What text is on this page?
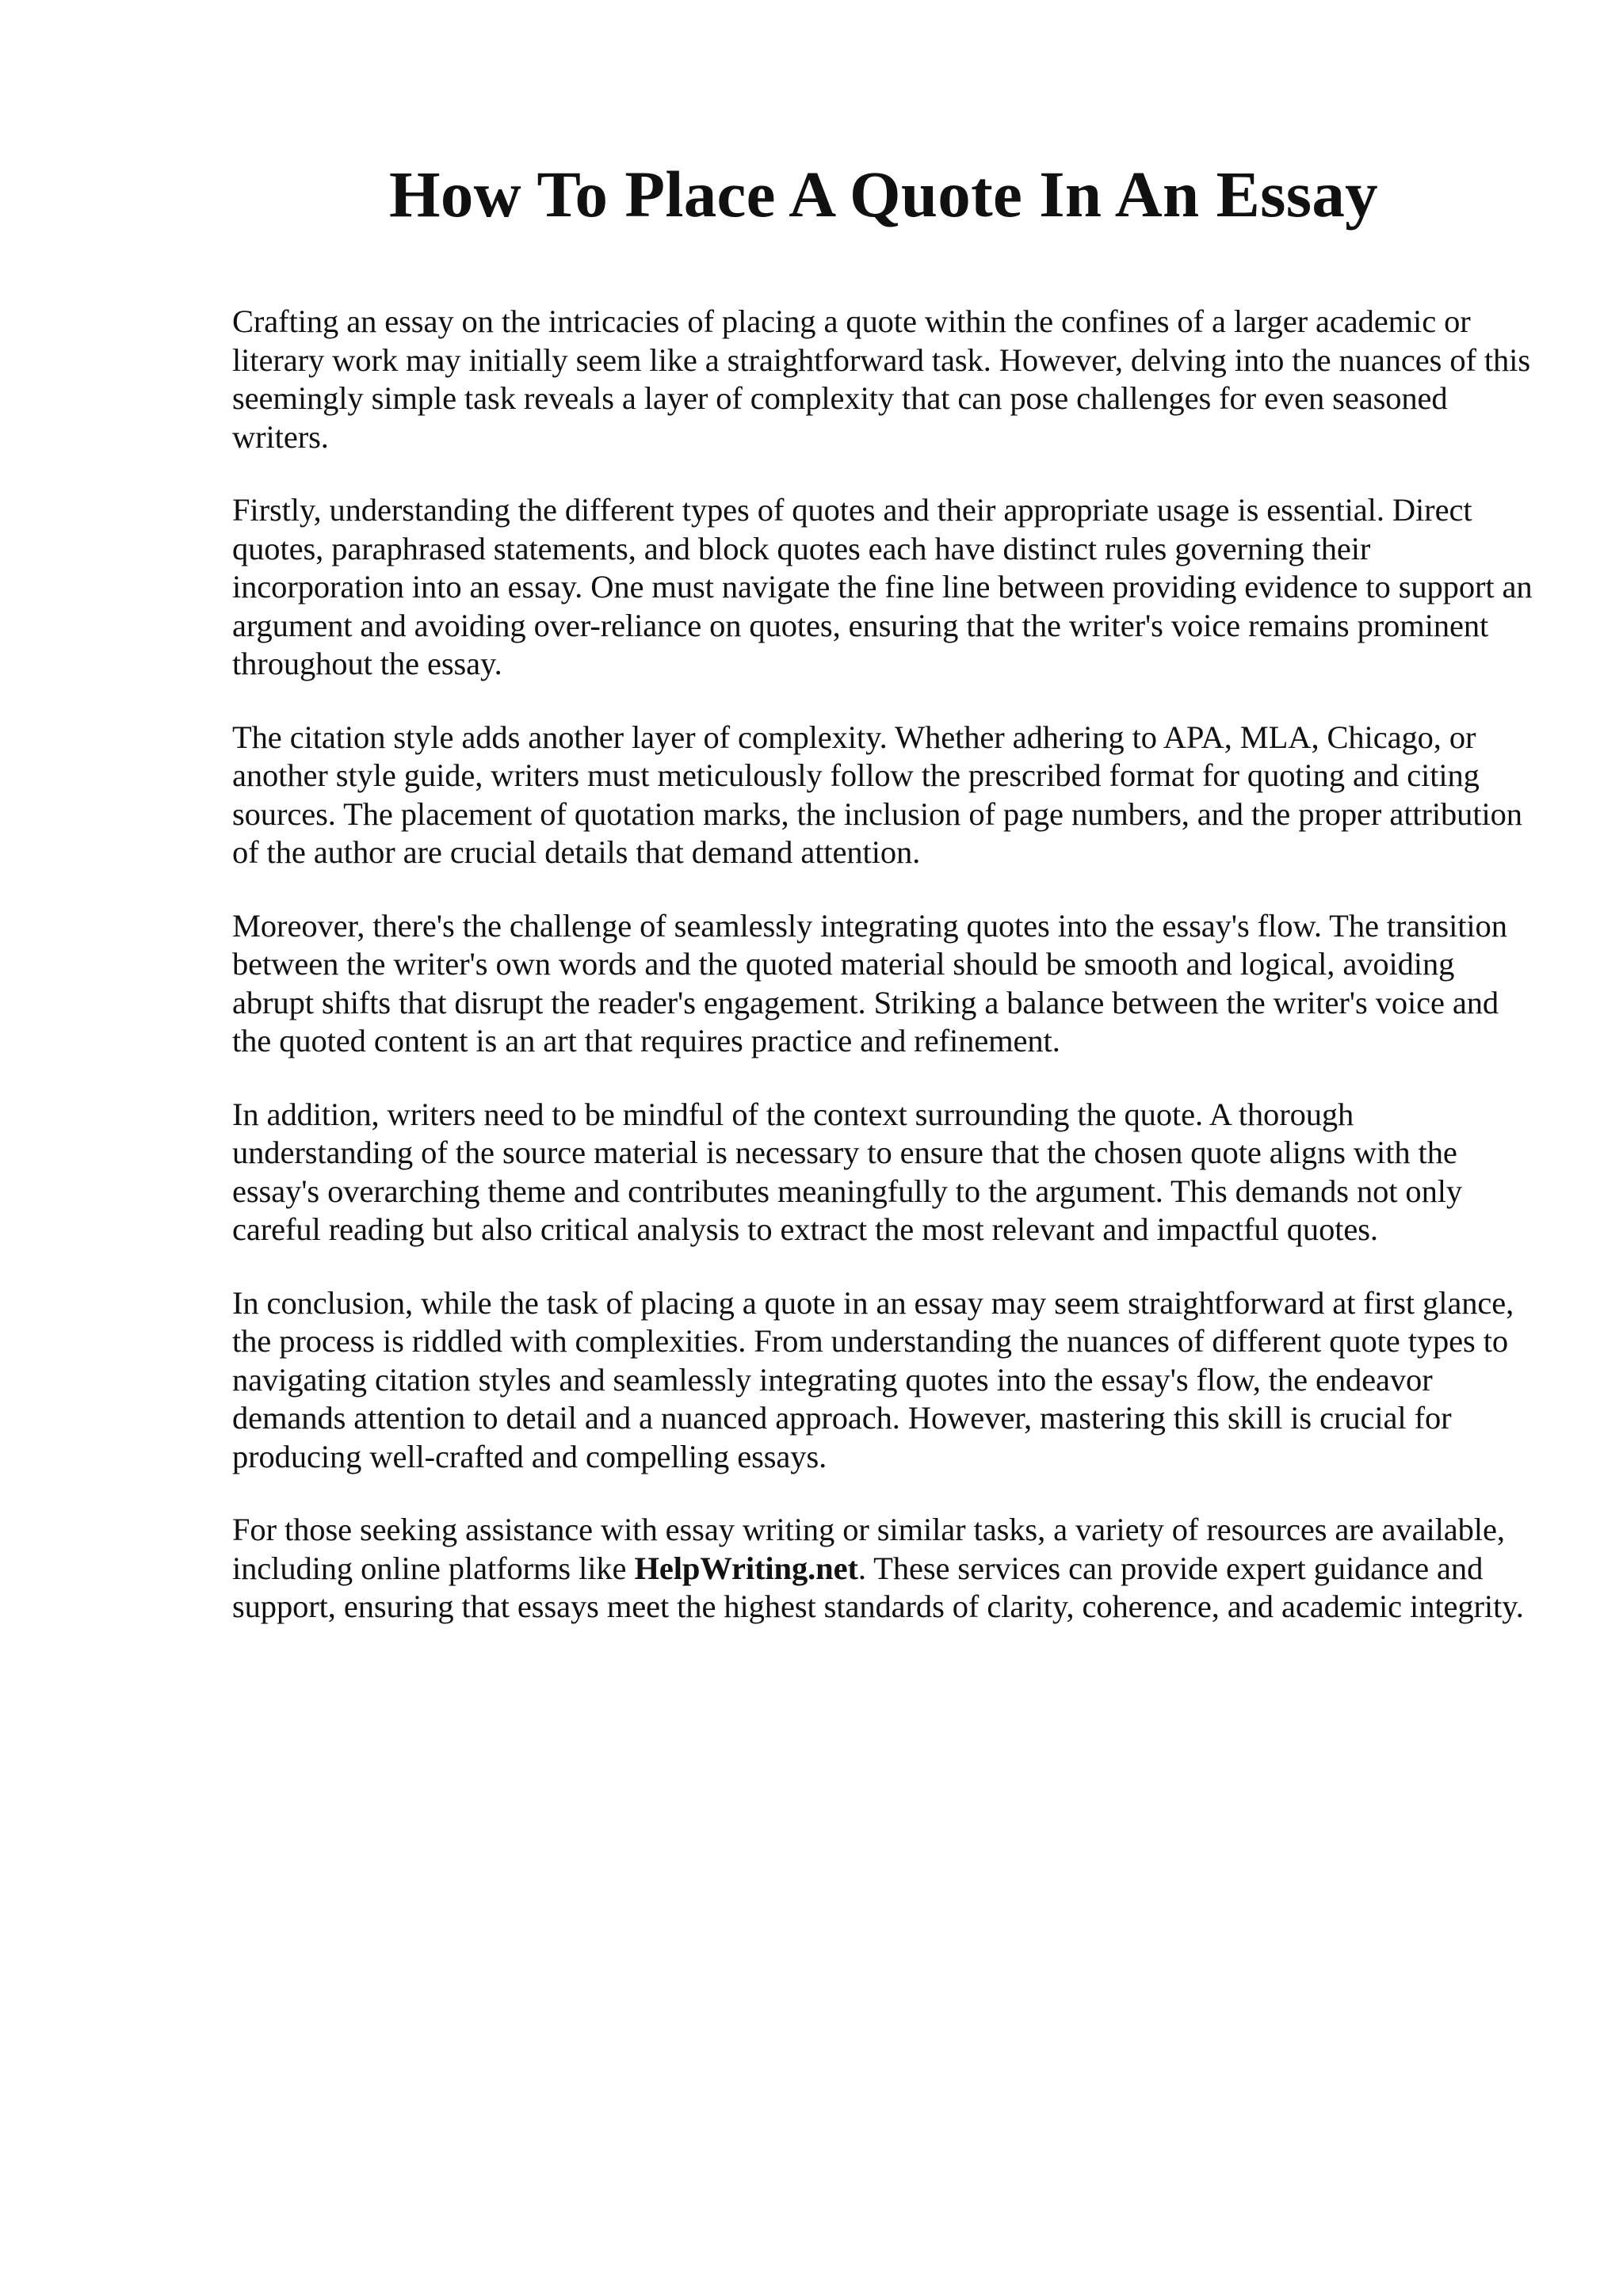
How To Place A Quote In An Essay

Crafting an essay on the intricacies of placing a quote within the confines of a larger academic or literary work may initially seem like a straightforward task. However, delving into the nuances of this seemingly simple task reveals a layer of complexity that can pose challenges for even seasoned writers.

Firstly, understanding the different types of quotes and their appropriate usage is essential. Direct quotes, paraphrased statements, and block quotes each have distinct rules governing their incorporation into an essay. One must navigate the fine line between providing evidence to support an argument and avoiding over-reliance on quotes, ensuring that the writer's voice remains prominent throughout the essay.

The citation style adds another layer of complexity. Whether adhering to APA, MLA, Chicago, or another style guide, writers must meticulously follow the prescribed format for quoting and citing sources. The placement of quotation marks, the inclusion of page numbers, and the proper attribution of the author are crucial details that demand attention.

Moreover, there's the challenge of seamlessly integrating quotes into the essay's flow. The transition between the writer's own words and the quoted material should be smooth and logical, avoiding abrupt shifts that disrupt the reader's engagement. Striking a balance between the writer's voice and the quoted content is an art that requires practice and refinement.

In addition, writers need to be mindful of the context surrounding the quote. A thorough understanding of the source material is necessary to ensure that the chosen quote aligns with the essay's overarching theme and contributes meaningfully to the argument. This demands not only careful reading but also critical analysis to extract the most relevant and impactful quotes.

In conclusion, while the task of placing a quote in an essay may seem straightforward at first glance, the process is riddled with complexities. From understanding the nuances of different quote types to navigating citation styles and seamlessly integrating quotes into the essay's flow, the endeavor demands attention to detail and a nuanced approach. However, mastering this skill is crucial for producing well-crafted and compelling essays.

For those seeking assistance with essay writing or similar tasks, a variety of resources are available, including online platforms like HelpWriting.net. These services can provide expert guidance and support, ensuring that essays meet the highest standards of clarity, coherence, and academic integrity.
